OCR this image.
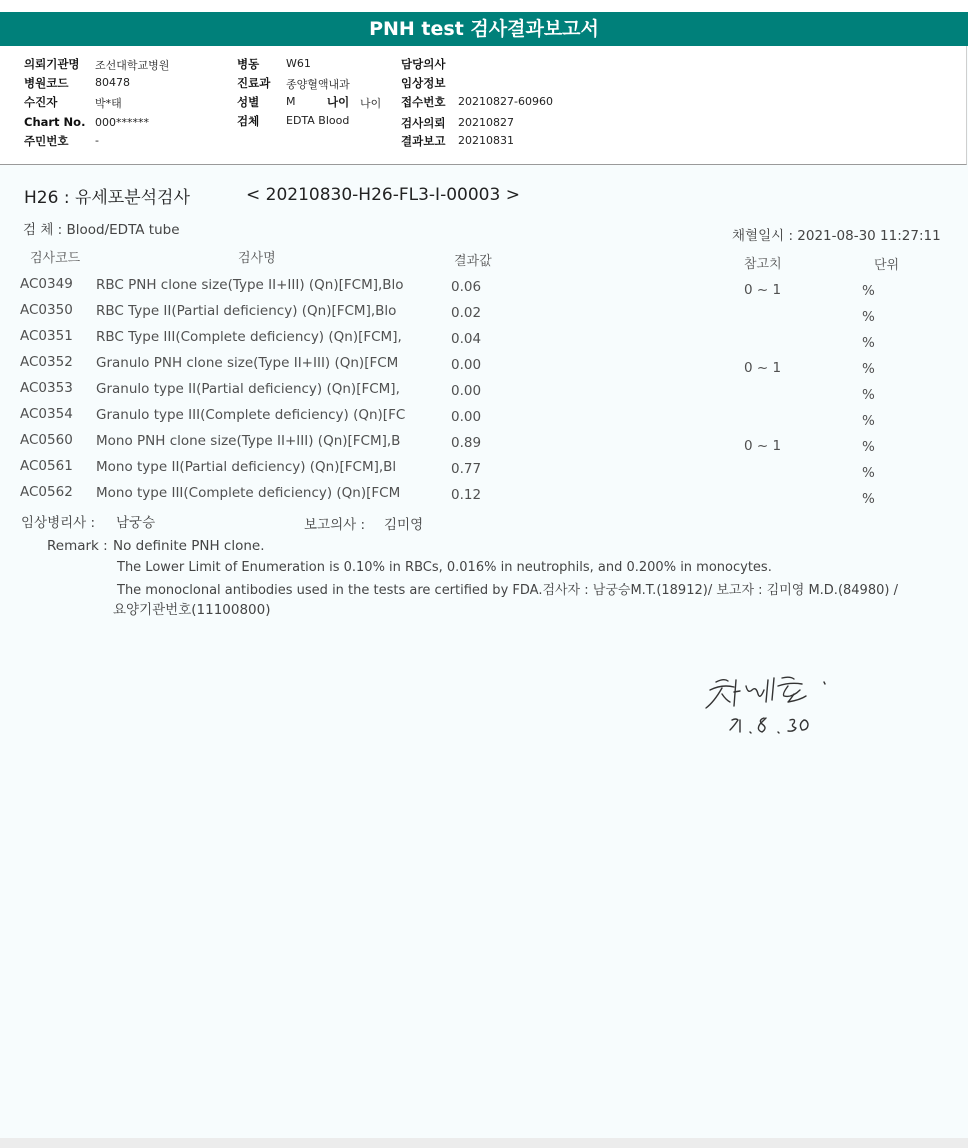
PNH test 검사결과보고서
의뢰기관명 조선대학교병원
병원코드 80478
수진자	박*태
Chart No. 000******
주민번호 -
병동 W61
진료과 종양혈액내과
성별 M	나이 나이
검체 EDTA Blood
담당의사
임상정보
접수번호 20210827-60960
검사의뢰 20210827
결과보고 20210831
H26 : 유세포분석검사	< 20210830-H26-FL3-I-00003 >
검 체 : Blood/EDTA tube	채혈일시 : 2021-08-30 11:27:11
검사코드	검사명	결과값	참고치	단위
AC0349 RBC PNH clone size(Type II+III) (Qn)[FCM],Blo	0.06	0 ~ 1	%
AC0350 RBC Type II(Partial deficiency) (Qn)[FCM],Blo	0.02	%
AC0351 RBC Type III(Complete deficiency) (Qn)[FCM],	0.04	%
AC0352 Granulo PNH clone size(Type II+III) (Qn)[FCM	0.00	0 ~ 1	%
AC0353 Granulo type II(Partial deficiency) (Qn)[FCM],	0.00	%
AC0354 Granulo type III(Complete deficiency) (Qn)[FC	0.00	%
AC0560 Mono PNH clone size(Type II+III) (Qn)[FCM],B	0.89	0 ~ 1	%
AC0561 Mono type II(Partial deficiency) (Qn)[FCM],Bl	0.77	%
AC0562 Mono type III(Complete deficiency) (Qn)[FCM	0.12	%
임상병리사 : 남궁승	보고의사 : 김미영
Remark : No definite PNH clone.
The Lower Limit of Enumeration is 0.10% in RBCs, 0.016% in neutrophils, and 0.200% in monocytes.
The monoclonal antibodies used in the tests are certified by FDA.검사자 : 남궁승M.T.(18912)/ 보고자 : 김미영 M.D.(84980) /
요양기관번호(11100800)
